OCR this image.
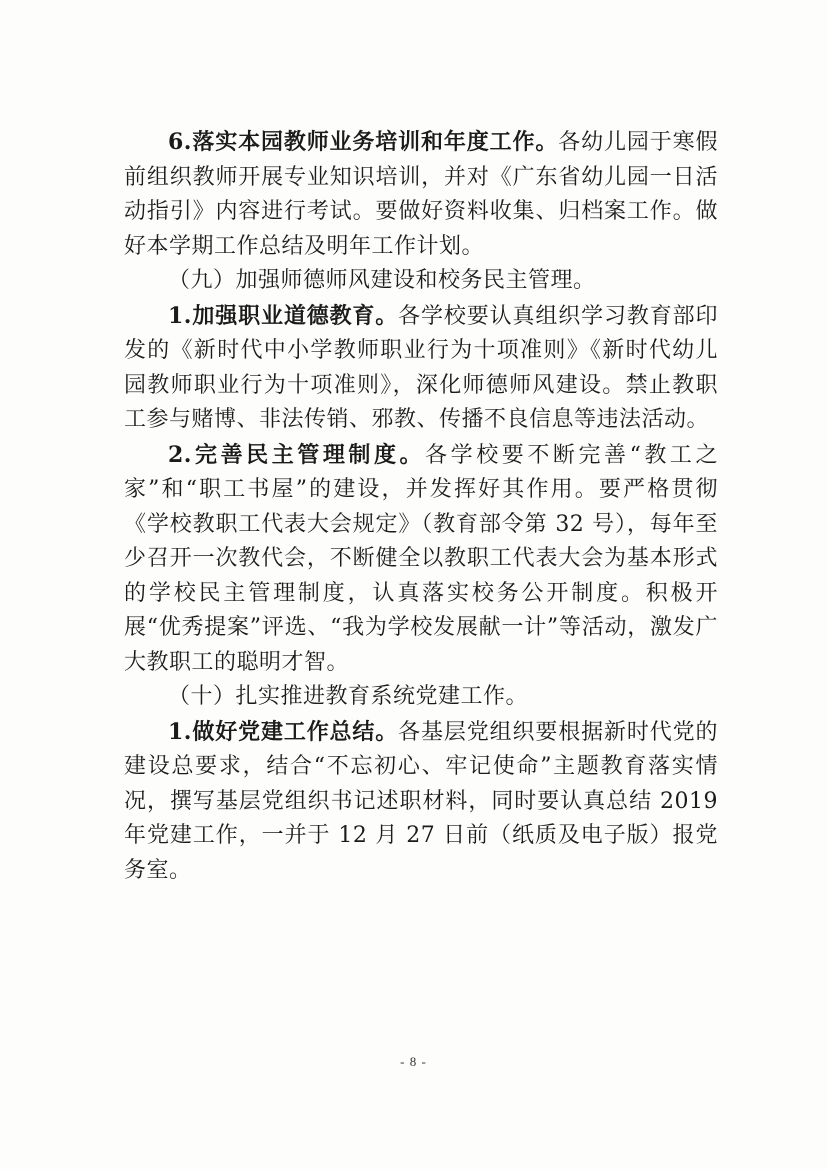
6.落实本园教师业务培训和年度工作。各幼儿园于寒假前组织教师开展专业知识培训，并对《广东省幼儿园一日活动指引》内容进行考试。要做好资料收集、归档案工作。做好本学期工作总结及明年工作计划。

（九）加强师德师风建设和校务民主管理。

1.加强职业道德教育。各学校要认真组织学习教育部印发的《新时代中小学教师职业行为十项准则》《新时代幼儿园教师职业行为十项准则》，深化师德师风建设。禁止教职工参与赌博、非法传销、邪教、传播不良信息等违法活动。

2.完善民主管理制度。各学校要不断完善“教工之家”和“职工书屋”的建设，并发挥好其作用。要严格贯彻《学校教职工代表大会规定》（教育部令第 32 号），每年至少召开一次教代会，不断健全以教职工代表大会为基本形式的学校民主管理制度，认真落实校务公开制度。积极开展“优秀提案”评选、“我为学校发展献一计”等活动，激发广大教职工的聪明才智。

（十）扎实推进教育系统党建工作。

1.做好党建工作总结。各基层党组织要根据新时代党的建设总要求，结合“不忘初心、牢记使命”主题教育落实情况，撰写基层党组织书记述职材料，同时要认真总结 2019 年党建工作，一并于 12 月 27 日前（纸质及电子版）报党务室。

- 8 -
